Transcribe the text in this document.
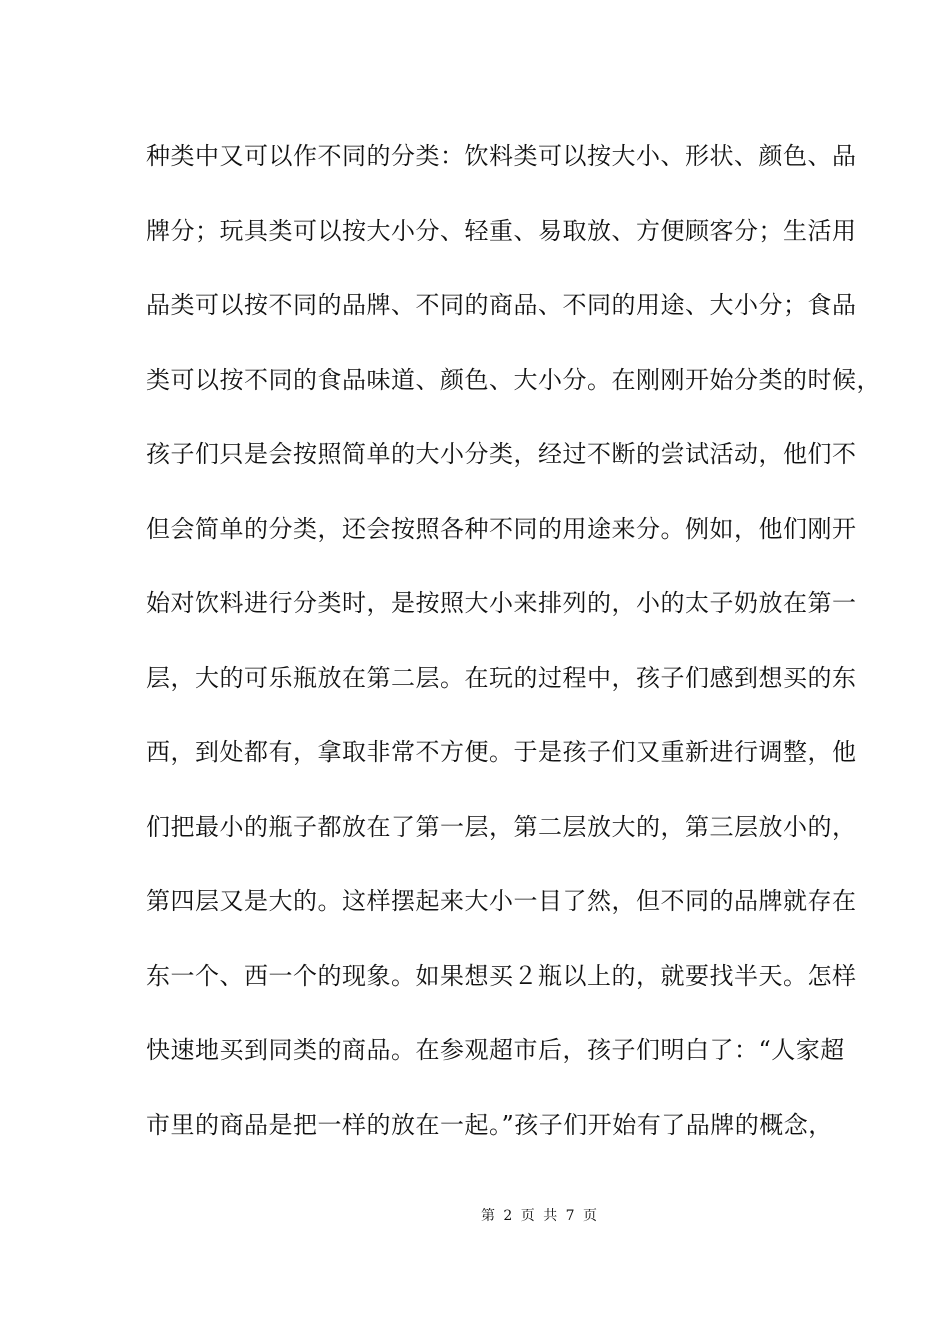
种类中又可以作不同的分类：饮料类可以按大小、形状、颜色、品
牌分；玩具类可以按大小分、轻重、易取放、方便顾客分；生活用
品类可以按不同的品牌、不同的商品、不同的用途、大小分；食品
类可以按不同的食品味道、颜色、大小分。在刚刚开始分类的时候，
孩子们只是会按照简单的大小分类，经过不断的尝试活动，他们不
但会简单的分类，还会按照各种不同的用途来分。例如，他们刚开
始对饮料进行分类时，是按照大小来排列的，小的太子奶放在第一
层，大的可乐瓶放在第二层。在玩的过程中，孩子们感到想买的东
西，到处都有，拿取非常不方便。于是孩子们又重新进行调整，他
们把最小的瓶子都放在了第一层，第二层放大的，第三层放小的，
第四层又是大的。这样摆起来大小一目了然，但不同的品牌就存在
东一个、西一个的现象。如果想买２瓶以上的，就要找半天。怎样
快速地买到同类的商品。在参观超市后，孩子们明白了：“人家超
市里的商品是把一样的放在一起。”孩子们开始有了品牌的概念，
第 2 页 共 7 页
